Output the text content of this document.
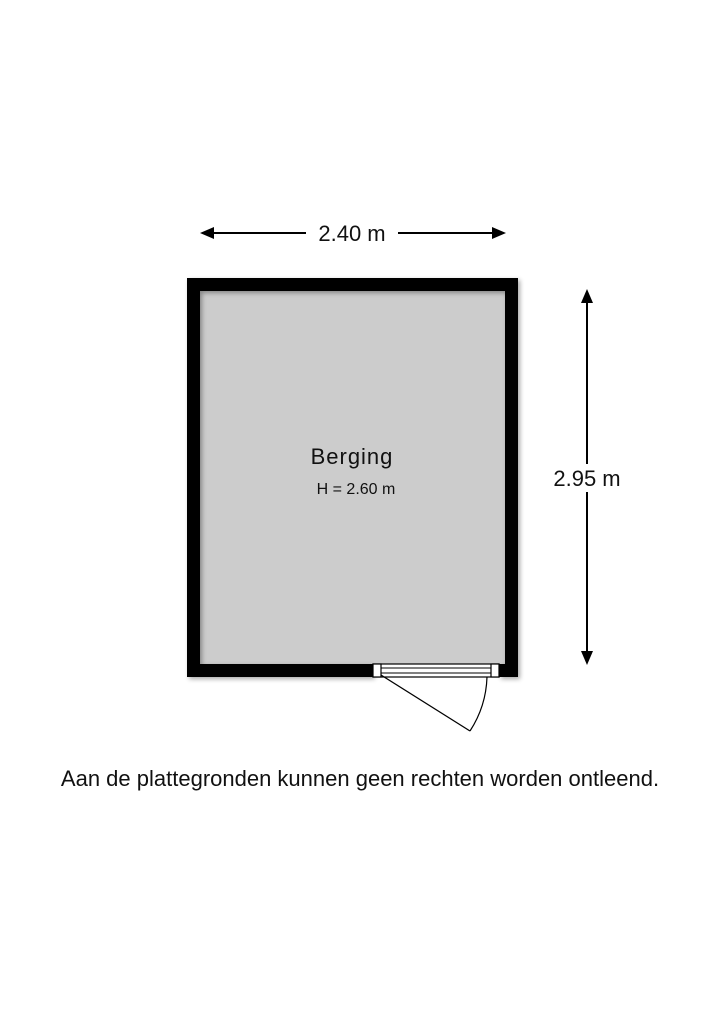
2.40 m
2.95 m
Berging
H = 2.60 m
Aan de plattegronden kunnen geen rechten worden ontleend.
